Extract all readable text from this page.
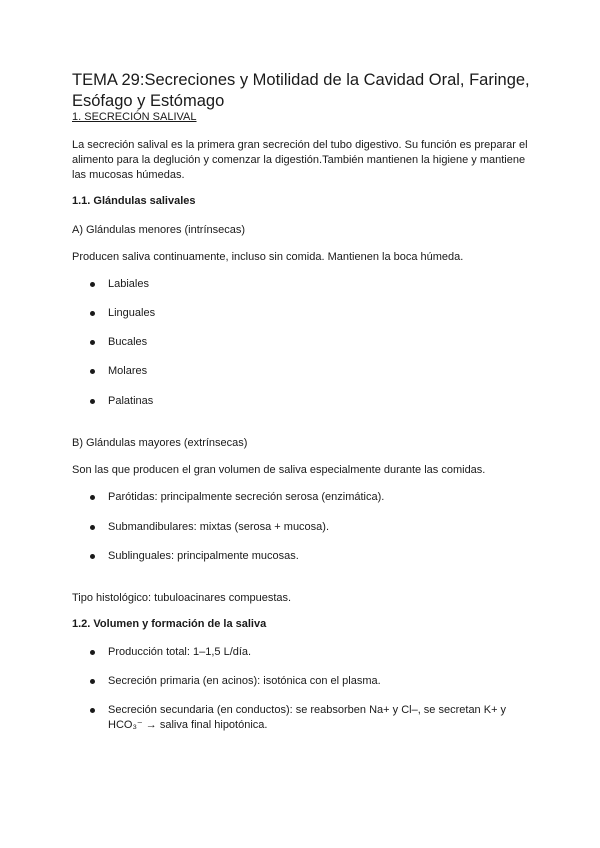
TEMA 29:Secreciones y Motilidad de la Cavidad Oral, Faringe, Esófago y Estómago
1. SECRECIÓN SALIVAL

La secreción salival es la primera gran secreción del tubo digestivo. Su función es preparar el alimento para la deglución y comenzar la digestión.También mantienen la higiene y mantiene las mucosas húmedas.

1.1. Glándulas salivales

A) Glándulas menores (intrínsecas)

Producen saliva continuamente, incluso sin comida. Mantienen la boca húmeda.

Labiales
Linguales
Bucales
Molares
Palatinas

B) Glándulas mayores (extrínsecas)

Son las que producen el gran volumen de saliva especialmente durante las comidas.

Parótidas: principalmente secreción serosa (enzimática).
Submandibulares: mixtas (serosa + mucosa).
Sublinguales: principalmente mucosas.

Tipo histológico: tubuloacinares compuestas.

1.2. Volumen y formación de la saliva

Producción total: 1–1,5 L/día.
Secreción primaria (en acinos): isotónica con el plasma.
Secreción secundaria (en conductos): se reabsorben Na+ y Cl–, se secretan K+ y HCO₃⁻ → saliva final hipotónica.
